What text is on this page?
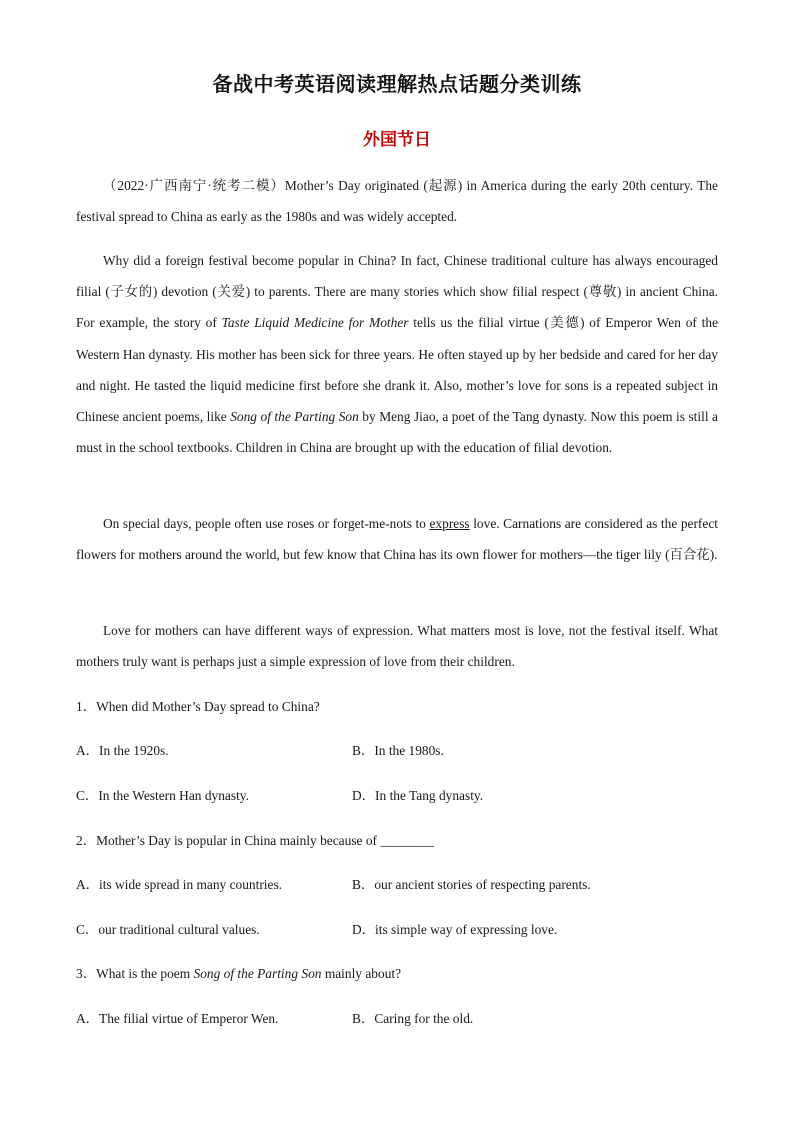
备战中考英语阅读理解热点话题分类训练
外国节日

（2022·广西南宁·统考二模）Mother’s Day originated (起源) in America during the early 20th century. The festival spread to China as early as the 1980s and was widely accepted.

Why did a foreign festival become popular in China? In fact, Chinese traditional culture has always encouraged filial (子女的) devotion (关爱) to parents. There are many stories which show filial respect (尊敬) in ancient China. For example, the story of Taste Liquid Medicine for Mother tells us the filial virtue (美德) of Emperor Wen of the Western Han dynasty. His mother has been sick for three years. He often stayed up by her bedside and cared for her day and night. He tasted the liquid medicine first before she drank it. Also, mother’s love for sons is a repeated subject in Chinese ancient poems, like Song of the Parting Son by Meng Jiao, a poet of the Tang dynasty. Now this poem is still a must in the school textbooks. Children in China are brought up with the education of filial devotion.

On special days, people often use roses or forget-me-nots to express love. Carnations are considered as the perfect flowers for mothers around the world, but few know that China has its own flower for mothers—the tiger lily (百合花).

Love for mothers can have different ways of expression. What matters most is love, not the festival itself. What mothers truly want is perhaps just a simple expression of love from their children.

1．When did Mother’s Day spread to China?

A．In the 1920s.	B．In the 1980s.
C．In the Western Han dynasty.	D．In the Tang dynasty.

2．Mother’s Day is popular in China mainly because of ________

A．its wide spread in many countries.	B．our ancient stories of respecting parents.
C．our traditional cultural values.	D．its simple way of expressing love.

3．What is the poem Song of the Parting Son mainly about?

A．The filial virtue of Emperor Wen.	B．Caring for the old.
